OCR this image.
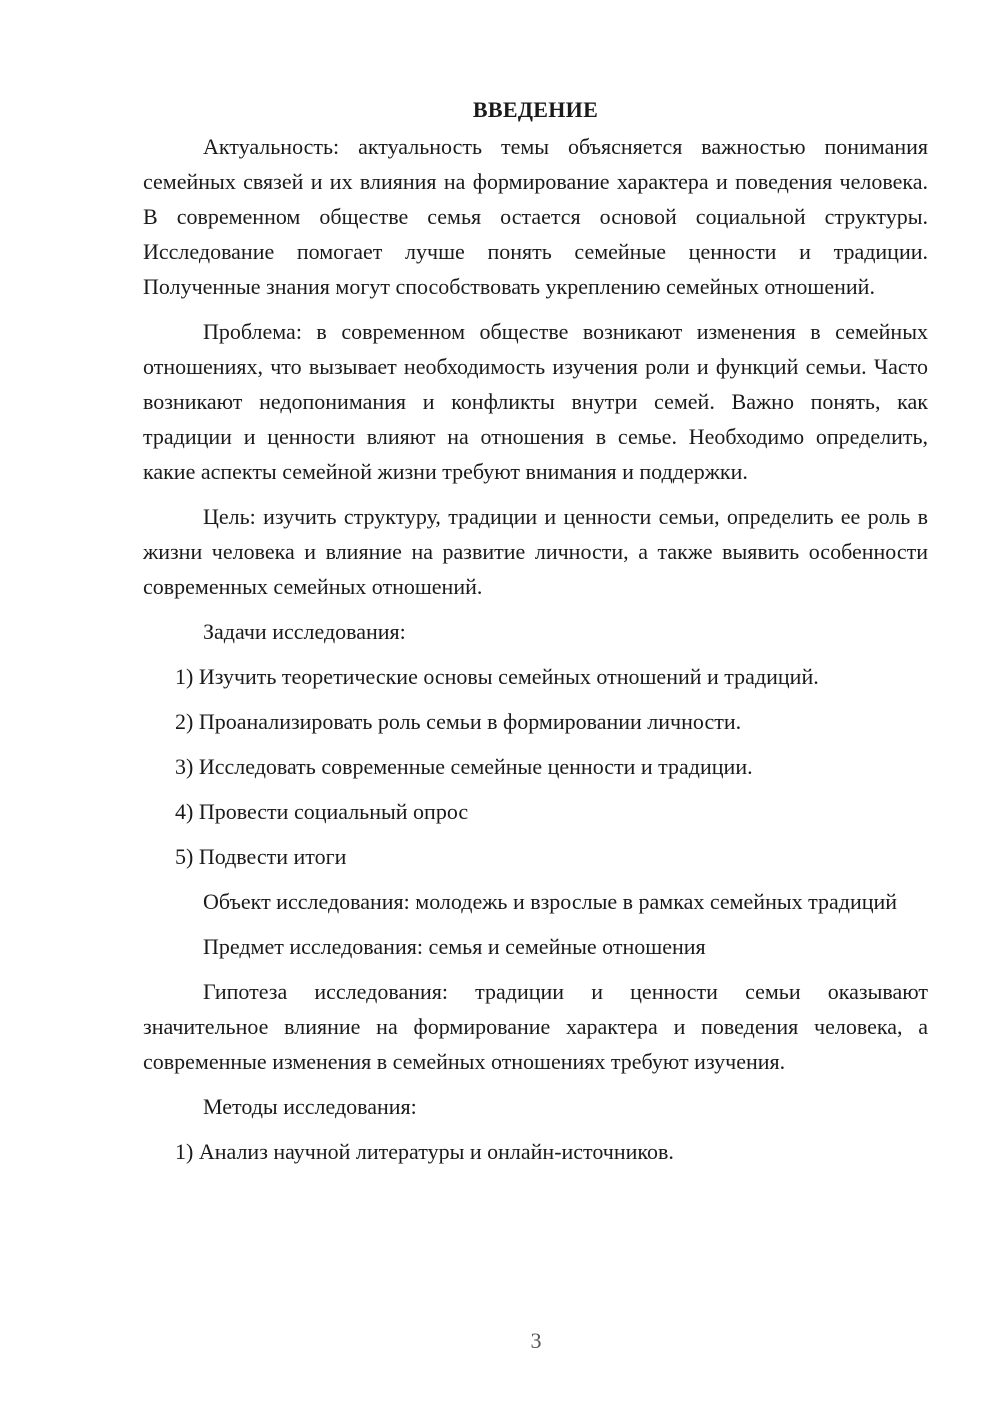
ВВЕДЕНИЕ

Актуальность: актуальность темы объясняется важностью понимания семейных связей и их влияния на формирование характера и поведения человека. В современном обществе семья остается основой социальной структуры. Исследование помогает лучше понять семейные ценности и традиции. Полученные знания могут способствовать укреплению семейных отношений.

Проблема: в современном обществе возникают изменения в семейных отношениях, что вызывает необходимость изучения роли и функций семьи. Часто возникают недопонимания и конфликты внутри семей. Важно понять, как традиции и ценности влияют на отношения в семье. Необходимо определить, какие аспекты семейной жизни требуют внимания и поддержки.

Цель: изучить структуру, традиции и ценности семьи, определить ее роль в жизни человека и влияние на развитие личности, а также выявить особенности современных семейных отношений.

Задачи исследования:
1) Изучить теоретические основы семейных отношений и традиций.
2) Проанализировать роль семьи в формировании личности.
3) Исследовать современные семейные ценности и традиции.
4) Провести социальный опрос
5) Подвести итоги

Объект исследования: молодежь и взрослые в рамках семейных традиций

Предмет исследования: семья и семейные отношения

Гипотеза исследования: традиции и ценности семьи оказывают значительное влияние на формирование характера и поведения человека, а современные изменения в семейных отношениях требуют изучения.

Методы исследования:
1) Анализ научной литературы и онлайн-источников.
3
